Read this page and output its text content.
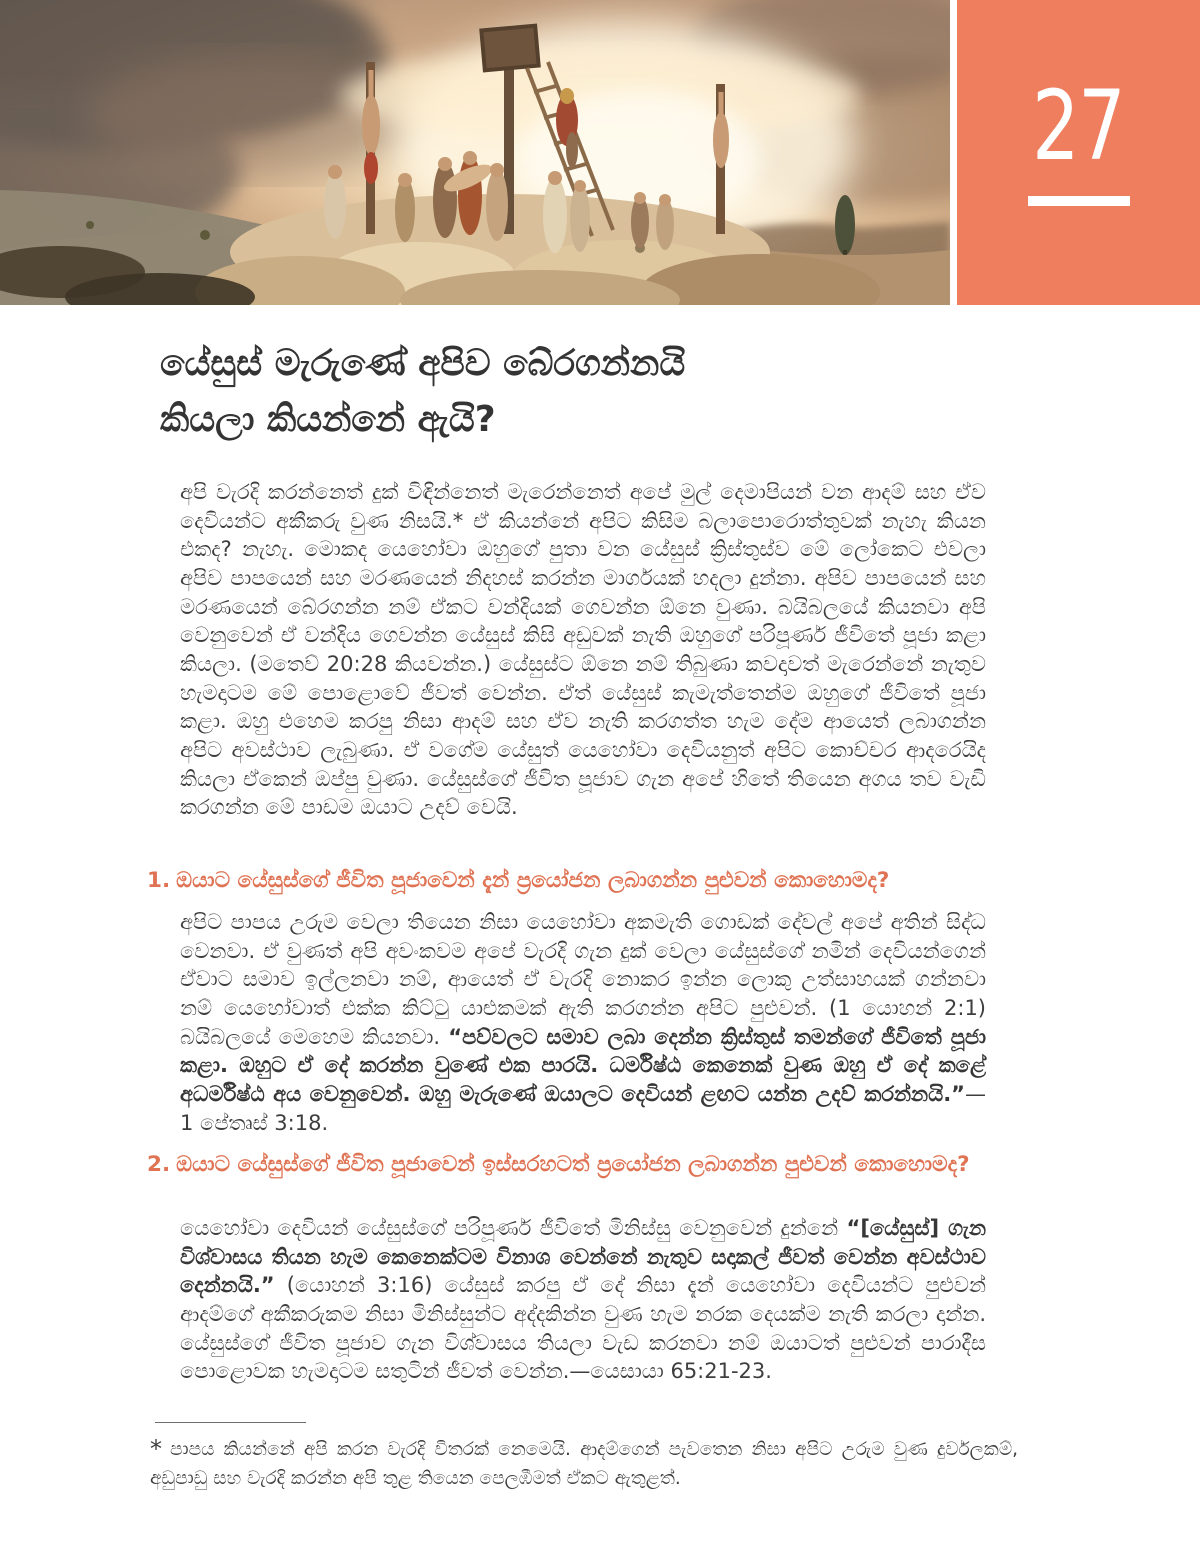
27
යේසුස් මැරුණේ අපිව බේරගන්නයි
කියලා කියන්නේ ඇයි?

අපි වැරදි කරන්නෙත් දුක් විඳින්නෙත් මැරෙන්නෙත් අපේ මුල් දෙමාපියන් වන ආදම් සහ ඒව දෙවියන්ට අකීකරු වුණ නිසයි.* ඒ කියන්නේ අපිට කිසිම බලාපොරොත්තුවක් නැහැ කියන එකද? නැහැ. මොකද යෙහෝවා ඔහුගේ පුතා වන යේසුස් ක්‍රිස්තුස්ව මේ ලෝකෙට එවලා අපිව පාපයෙන් සහ මරණයෙන් නිදහස් කරන්න මාර්ගයක් හදලා දුන්නා. අපිව පාපයෙන් සහ මරණයෙන් බේරගන්න නම් ඒකට වන්දියක් ගෙවන්න ඕනෙ වුණා. බයිබලයේ කියනවා අපි වෙනුවෙන් ඒ වන්දිය ගෙවන්න යේසුස් කිසි අඩුවක් නැති ඔහුගේ පරිපූර්ණ ජීවිතේ පූජා කළා කියලා. (මතෙව් 20:28 කියවන්න.) යේසුස්ට ඕනෙ නම් තිබුණා කවදාවත් මැරෙන්නේ නැතුව හැමදාටම මේ පොළොවේ ජීවත් වෙන්න. ඒත් යේසුස් කැමැත්තෙන්ම ඔහුගේ ජීවිතේ පූජා කළා. ඔහු එහෙම කරපු නිසා ආදම් සහ ඒව නැති කරගත්ත හැම දේම ආයෙත් ලබාගන්න අපිට අවස්ථාව ලැබුණා. ඒ වගේම යේසුත් යෙහෝවා දෙවියනුත් අපිට කොච්චර ආදරෙයිද කියලා ඒකෙන් ඔප්පු වුණා. යේසුස්ගේ ජීවිත පූජාව ගැන අපේ හිතේ තියෙන අගය තව වැඩි කරගන්න මේ පාඩම ඔයාට උදව් වෙයි.

1. ඔයාට යේසුස්ගේ ජීවිත පූජාවෙන් දැන් ප්‍රයෝජන ලබාගන්න පුළුවන් කොහොමද?

අපිට පාපය උරුම වෙලා තියෙන නිසා යෙහෝවා අකමැති ගොඩක් දේවල් අපේ අතින් සිද්ධ වෙනවා. ඒ වුණත් අපි අවංකවම අපේ වැරදි ගැන දුක් වෙලා යේසුස්ගේ නමින් දෙවියන්ගෙන් ඒවාට සමාව ඉල්ලනවා නම්, ආයෙත් ඒ වැරදි නොකර ඉන්න ලොකු උත්සාහයක් ගන්නවා නම් යෙහෝවාත් එක්ක කිට්ටු යාළුකමක් ඇති කරගන්න අපිට පුළුවන්. (1 යොහන් 2:1) බයිබලයේ මෙහෙම කියනවා. “පව්වලට සමාව ලබා දෙන්න ක්‍රිස්තුස් තමන්ගේ ජීවිතේ පූජා කළා. ඔහුට ඒ දේ කරන්න වුණේ එක පාරයි. ධර්මිෂ්ඨ කෙනෙක් වුණ ඔහු ඒ දේ කළේ අධර්මිෂ්ඨ අය වෙනුවෙන්. ඔහු මැරුණේ ඔයාලට දෙවියන් ළඟට යන්න උදව් කරන්නයි.”—1 පේතෘස් 3:18.

2. ඔයාට යේසුස්ගේ ජීවිත පූජාවෙන් ඉස්සරහටත් ප්‍රයෝජන ලබාගන්න පුළුවන් කොහොමද?

යෙහෝවා දෙවියන් යේසුස්ගේ පරිපූර්ණ ජීවිතේ මිනිස්සු වෙනුවෙන් දුන්නේ “[යේසුස්] ගැන විශ්වාසය තියන හැම කෙනෙක්ටම විනාශ වෙන්නේ නැතුව සදාකල් ජීවත් වෙන්න අවස්ථාව දෙන්නයි.” (යොහන් 3:16) යේසුස් කරපු ඒ දේ නිසා දැන් යෙහෝවා දෙවියන්ට පුළුවන් ආදම්ගේ අකීකරුකම නිසා මිනිස්සුන්ට අද්දකින්න වුණ හැම නරක දෙයක්ම නැති කරලා දාන්න. යේසුස්ගේ ජීවිත පූජාව ගැන විශ්වාසය තියලා වැඩ කරනවා නම් ඔයාටත් පුළුවන් පාරාදීස පොළොවක හැමදාටම සතුටින් ජීවත් වෙන්න.—යෙසායා 65:21-23.

* පාපය කියන්නේ අපි කරන වැරදි විතරක් නෙමෙයි. ආදම්ගෙන් පැවතෙන නිසා අපිට උරුම වුණ දුර්වලකම්, අඩුපාඩු සහ වැරදි කරන්න අපි තුළ තියෙන පෙලඹීමත් ඒකට ඇතුළත්.
